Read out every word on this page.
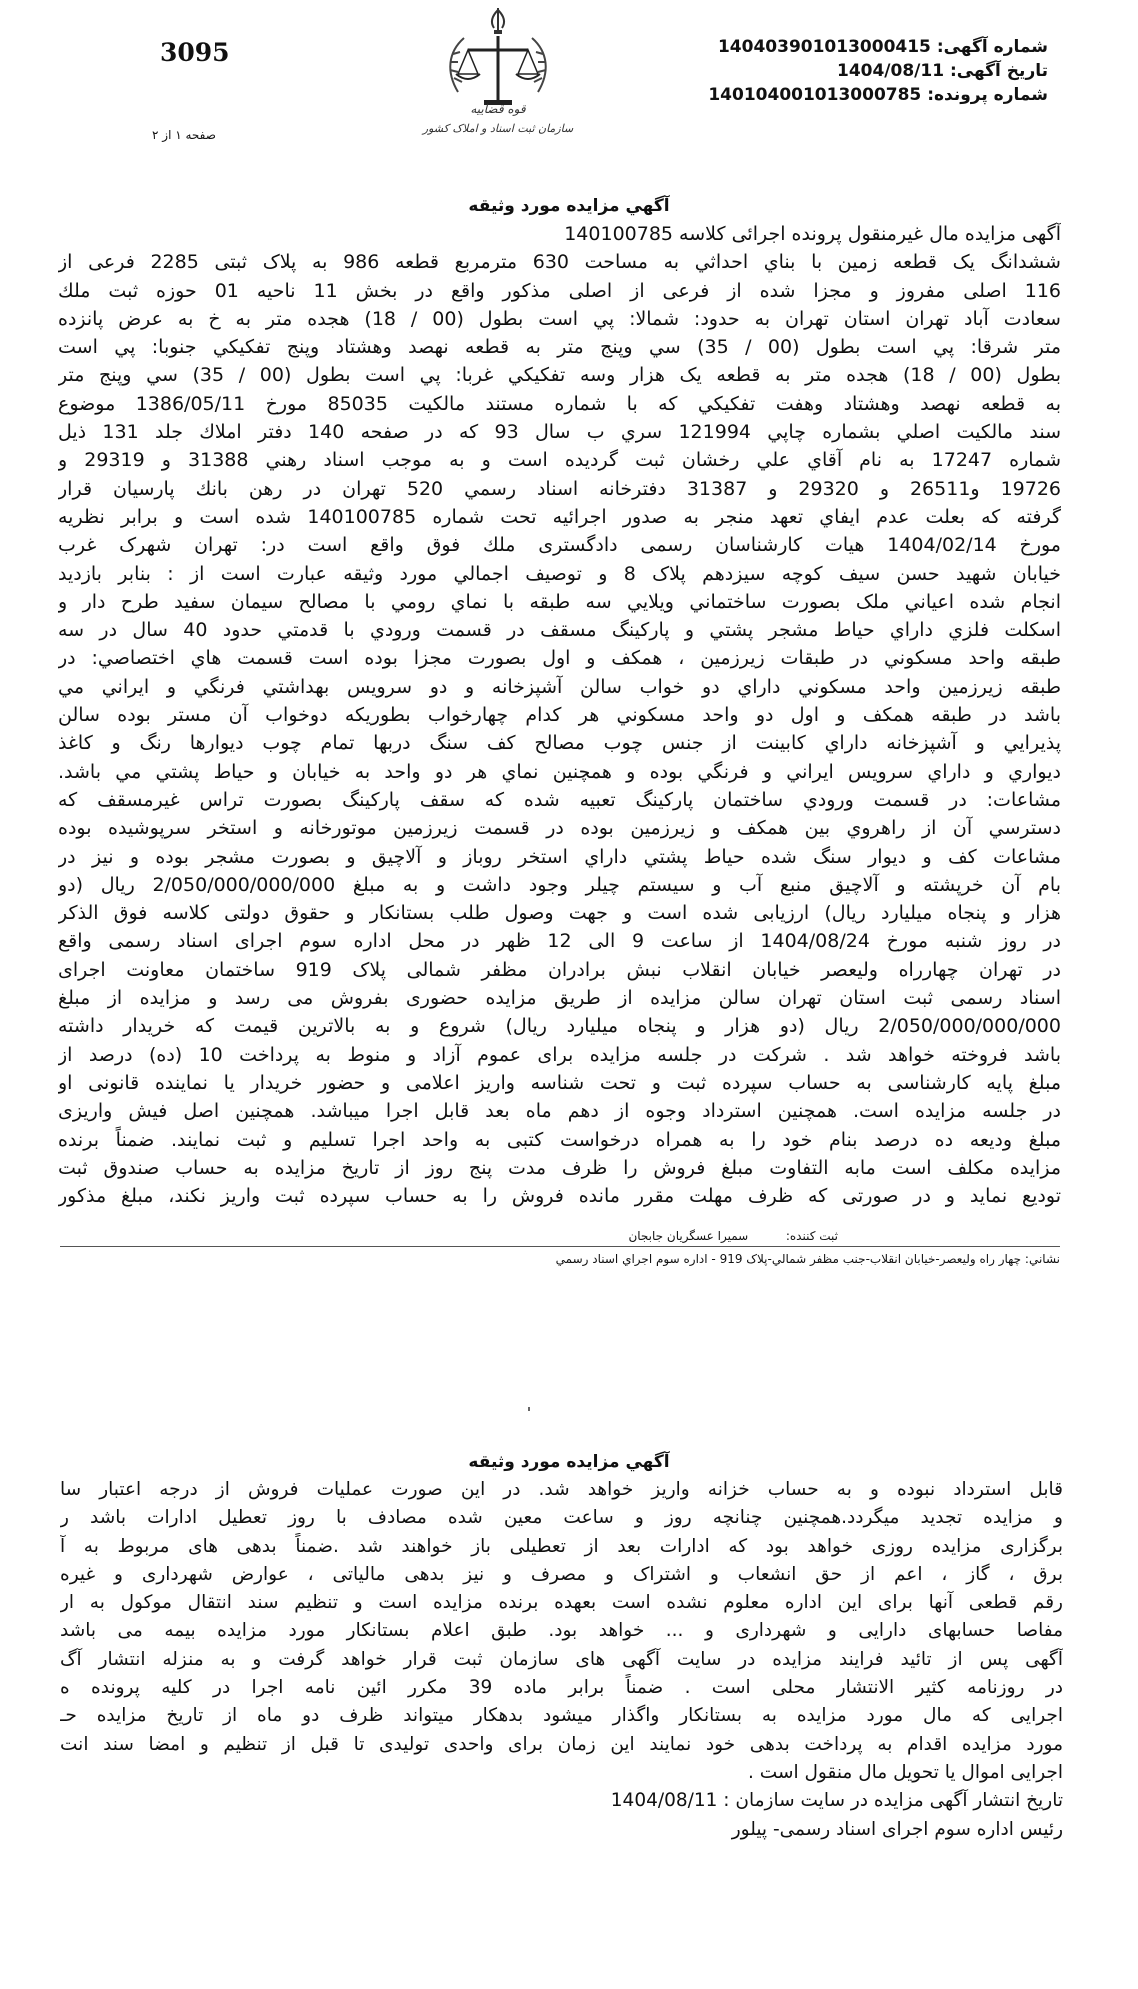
3095
قوه قضاییه
سازمان ثبت اسناد و املاک کشور
شماره آگهی: 140403901013000415
تاریخ آگهی: 1404/08/11
شماره پرونده: 140104001013000785
صفحه ۱ از ۲
آگهي مزايده مورد وثيقه
آگهی مزایده مال غیرمنقول پرونده اجرائی کلاسه 140100785
ششدانگ یک قطعه زمین با بناي احداثي به مساحت 630 مترمربع قطعه 986 به پلاک ثبتی 2285 فرعی از
116 اصلی مفروز و مجزا شده از فرعی از اصلی مذکور واقع در بخش 11 ناحیه 01 حوزه ثبت ملك
سعادت آباد تهران استان تهران به حدود: شمالا: پي است بطول (00 / 18) هجده متر به خ به عرض پانزده
متر شرقا: پي است بطول (00 / 35) سي وپنج متر به قطعه نهصد وهشتاد وپنج تفکيکي جنوبا: پي است
بطول (00 / 18) هجده متر به قطعه يک هزار وسه تفکيکي غربا: پي است بطول (00 / 35) سي وپنج متر
به قطعه نهصد وهشتاد وهفت تفکيکي که با شماره مستند مالکيت 85035 مورخ 1386/05/11 موضوع
سند مالکيت اصلي بشماره چاپي 121994 سري ب سال 93 که در صفحه 140 دفتر املاك جلد 131 ذيل
شماره 17247 به نام آقاي علي رخشان ثبت گرديده است و به موجب اسناد رهني 31388 و 29319 و
19726 و26511 و 29320 و 31387 دفترخانه اسناد رسمي 520 تهران در رهن بانك پارسيان قرار
گرفته كه بعلت عدم ايفاي تعهد منجر به صدور اجرائيه تحت شماره 140100785 شده است و برابر نظريه
مورخ 1404/02/14 هيات كارشناسان رسمی دادگستری ملك فوق واقع است در: تهران شهرک غرب
خيابان شهيد حسن سيف کوچه سيزدهم پلاک 8 و توصيف اجمالي مورد وثيقه عبارت است از : بنابر بازديد
انجام شده اعياني ملک بصورت ساختماني ويلايي سه طبقه با نماي رومي با مصالح سيمان سفيد طرح دار و
اسکلت فلزي داراي حياط مشجر پشتي و پارکينگ مسقف در قسمت ورودي با قدمتي حدود 40 سال در سه
طبقه واحد مسکوني در طبقات زيرزمين ، همکف و اول بصورت مجزا بوده است قسمت هاي اختصاصي: در
طبقه زيرزمين واحد مسکوني داراي دو خواب سالن آشپزخانه و دو سرويس بهداشتي فرنگي و ايراني مي
باشد در طبقه همکف و اول دو واحد مسکوني هر کدام چهارخواب بطوريکه دوخواب آن مستر بوده سالن
پذيرايي و آشپزخانه داراي کابينت از جنس چوب مصالح کف سنگ دربها تمام چوب ديوارها رنگ و کاغذ
ديواري و داراي سرويس ايراني و فرنگي بوده و همچنين نماي هر دو واحد به خيابان و حياط پشتي مي باشد.
مشاعات: در قسمت ورودي ساختمان پارکينگ تعبيه شده که سقف پارکينگ بصورت تراس غيرمسقف که
دسترسي آن از راهروي بين همکف و زيرزمين بوده در قسمت زيرزمين موتورخانه و استخر سرپوشيده بوده
مشاعات کف و ديوار سنگ شده حياط پشتي داراي استخر روباز و آلاچيق و بصورت مشجر بوده و نيز در
بام آن خرپشته و آلاچيق منبع آب و سيستم چيلر وجود داشت و به مبلغ 2/050/000/000/000 ريال (دو
هزار و پنجاه ميليارد ريال) ارزيابی شده است و جهت وصول طلب بستانكار و حقوق دولتی كلاسه فوق الذكر
در روز شنبه مورخ 1404/08/24 از ساعت 9 الی 12 ظهر در محل اداره سوم اجرای اسناد رسمی واقع
در تهران چهارراه وليعصر خيابان انقلاب نبش برادران مظفر شمالی پلاک 919 ساختمان معاونت اجرای
اسناد رسمی ثبت استان تهران سالن مزايده از طريق مزايده حضوری بفروش می رسد و مزايده از مبلغ
2/050/000/000/000 ريال (دو هزار و پنجاه ميليارد ريال) شروع و به بالاترين قيمت كه خريدار داشته
باشد فروخته خواهد شد . شرکت در جلسه مزایده برای عموم آزاد و منوط به پرداخت 10 (ده) درصد از
مبلغ پایه کارشناسی به حساب سپرده ثبت و تحت شناسه واریز اعلامی و حضور خریدار یا نماینده قانونی او
در جلسه مزایده است. همچنین استرداد وجوه از دهم ماه بعد قابل اجرا میباشد. همچنین اصل فیش واریزی
مبلغ ودیعه ده درصد بنام خود را به همراه درخواست کتبی به واحد اجرا تسلیم و ثبت نمایند. ضمناً برنده
مزایده مکلف است مابه التفاوت مبلغ فروش را ظرف مدت پنج روز از تاریخ مزایده به حساب صندوق ثبت
تودیع نماید و در صورتی که ظرف مهلت مقرر مانده فروش را به حساب سپرده ثبت واریز نکند، مبلغ مذکور
ثبت کننده:  سميرا عسگريان جابجان
نشاني: چهار راه وليعصر-خيابان انقلاب-جنب مظفر شمالي-پلاک 919 - اداره سوم اجراي اسناد رسمي
آگهي مزايده مورد وثيقه
قابل استرداد نبوده و به حساب خزانه واریز خواهد شد. در این صورت عملیات فروش از درجه اعتبار سا
و مزایده تجدید میگردد.همچنین چنانچه روز و ساعت معین شده مصادف با روز تعطیل ادارات باشد ر
برگزاری مزایده روزی خواهد بود که ادارات بعد از تعطیلی باز خواهند شد .ضمناً بدهی های مربوط به آ
برق ، گاز ، اعم از حق انشعاب و اشتراک و مصرف و نیز بدهی مالیاتی ، عوارض شهرداری و غیره
رقم قطعی آنها برای این اداره معلوم نشده است بعهده برنده مزایده است و تنظیم سند انتقال موکول به ار
مفاصا حسابهای دارایی و شهرداری و ... خواهد بود. طبق اعلام بستانکار مورد مزایده بیمه می باشد
آگهی پس از تائید فرایند مزایده در سایت آگهی های سازمان ثبت قرار خواهد گرفت و به منزله انتشار آگ
در روزنامه کثیر الانتشار محلی است . ضمناً برابر ماده 39 مکرر ائین نامه اجرا در کلیه پرونده ه
اجرایی که مال مورد مزایده به بستانکار واگذار میشود بدهکار میتواند ظرف دو ماه از تاریخ مزایده حـ
مورد مزایده اقدام به پرداخت بدهی خود نمایند این زمان برای واحدی تولیدی تا قبل از تنظیم و امضا سند انت
اجرایی اموال یا تحویل مال منقول است .
تاریخ انتشار آگهی مزایده در سایت سازمان : 1404/08/11
رئیس اداره سوم اجرای اسناد رسمی- پیلور
